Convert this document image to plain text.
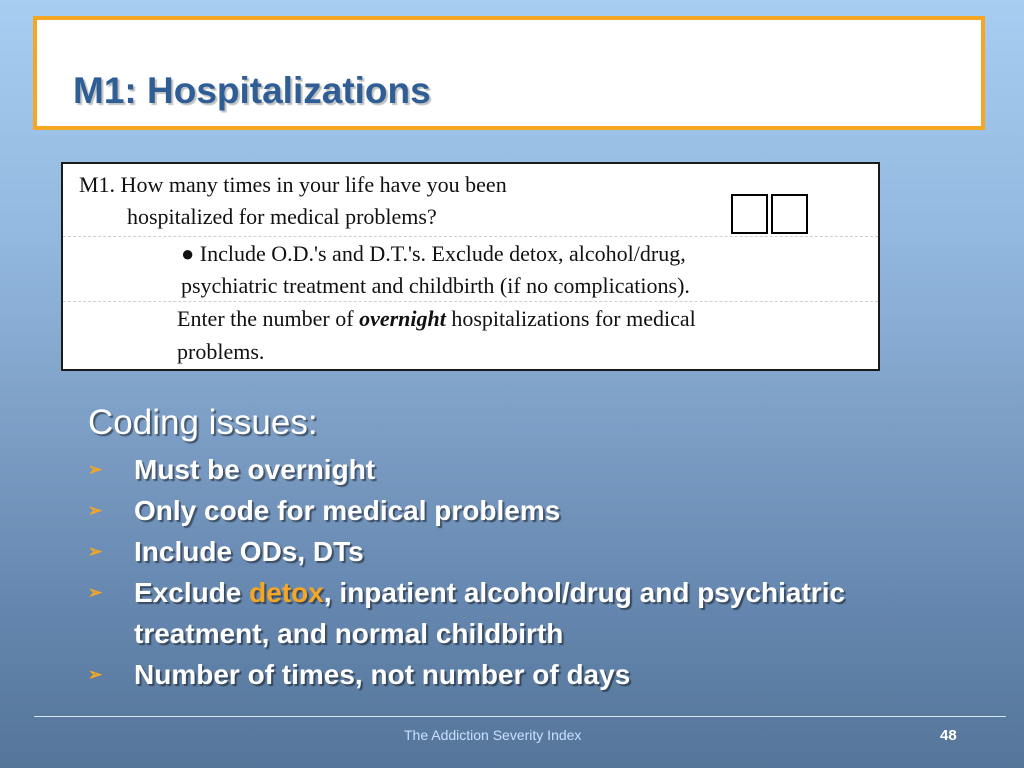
M1: Hospitalizations
M1. How many times in your life have you been
hospitalized for medical problems?
● Include O.D.'s and D.T.'s. Exclude detox, alcohol/drug,
psychiatric treatment and childbirth (if no complications).
Enter the number of overnight hospitalizations for medical
problems.
Coding issues:
➢ Must be overnight
➢ Only code for medical problems
➢ Include ODs, DTs
➢ Exclude detox, inpatient alcohol/drug and psychiatric treatment, and normal childbirth
➢ Number of times, not number of days
The Addiction Severity Index	48
